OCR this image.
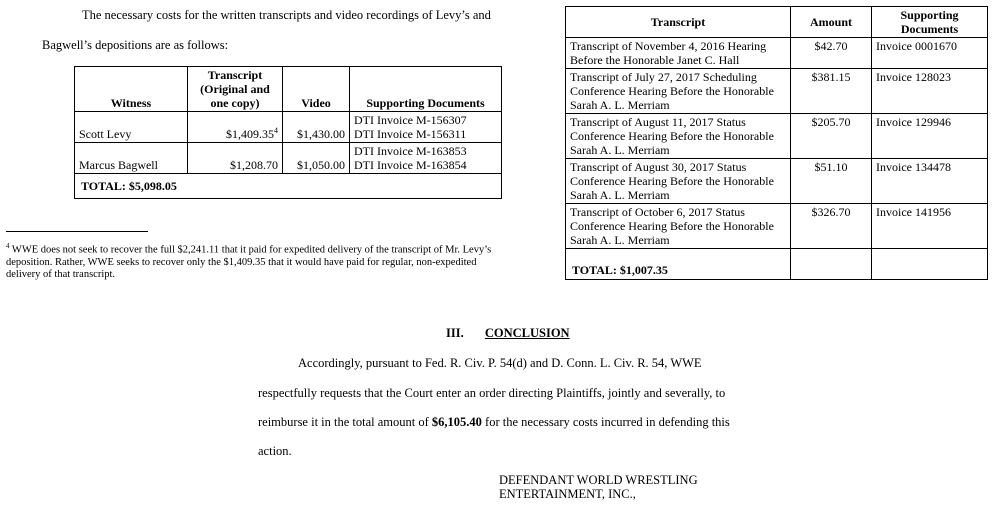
The necessary costs for the written transcripts and video recordings of Levy’s and
Bagwell’s depositions are as follows:
Witness	Transcript (Original and one copy)	Video	Supporting Documents
Scott Levy	$1,409.35$^4$	$1,430.00	DTI Invoice M-156307
DTI Invoice M-156311

Marcus Bagwell	$1,208.70	$1,050.00	DTI Invoice M-163853
DTI Invoice M-163854

TOTAL: $5,098.05			
$^4$ WWE does not seek to recover the full $2,241.11 that it paid for expedited delivery of the transcript of Mr. Levy’s deposition. Rather, WWE seeks to recover only the $1,409.35 that it would have paid for regular, non-expedited delivery of that transcript.
Transcript	Amount	Supporting Documents
Transcript of November 4, 2016 Hearing Before the Honorable Janet C. Hall	$42.70	Invoice 0001670
Transcript of July 27, 2017 Scheduling Conference Hearing Before the Honorable Sarah A. L. Merriam	$381.15	Invoice 128023
Transcript of August 11, 2017 Status Conference Hearing Before the Honorable Sarah A. L. Merriam	$205.70	Invoice 129946
Transcript of August 30, 2017 Status Conference Hearing Before the Honorable Sarah A. L. Merriam	$51.10	Invoice 134478
Transcript of October 6, 2017 Status Conference Hearing Before the Honorable Sarah A. L. Merriam	$326.70	Invoice 141956
TOTAL: $1,007.35		
III. CONCLUSION
Accordingly, pursuant to Fed. R. Civ. P. 54(d) and D. Conn. L. Civ. R. 54, WWE
respectfully requests that the Court enter an order directing Plaintiffs, jointly and severally, to
reimburse it in the total amount of $6,105.40 for the necessary costs incurred in defending this
action.
DEFENDANT WORLD WRESTLING
ENTERTAINMENT, INC.,
